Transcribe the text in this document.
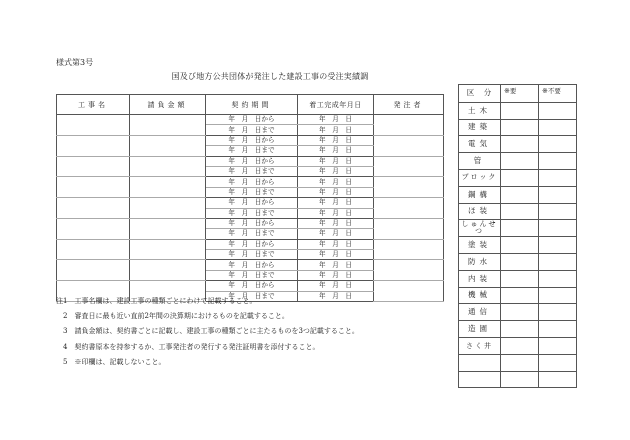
様式第3号
国及び地方公共団体が発注した建設工事の受注実績調
工事名	請負金額	契約期間	着工完成年月日	発注者
		年　月　日から	年　月　日	
		年　月　日まで	年　月　日	
		年　月　日から	年　月　日	
		年　月　日まで	年　月　日	
		年　月　日から	年　月　日	
		年　月　日まで	年　月　日	
		年　月　日から	年　月　日	
		年　月　日まで	年　月　日	
		年　月　日から	年　月　日	
		年　月　日まで	年　月　日	
		年　月　日から	年　月　日	
		年　月　日まで	年　月　日	
		年　月　日から	年　月　日	
		年　月　日まで	年　月　日	
		年　月　日から	年　月　日	
		年　月　日まで	年　月　日	
		年　月　日から	年　月　日	
		年　月　日まで	年　月　日	
区　分	※要	※不要
土木		
建築		
電気		
管		
ブロック		
鋼構		
ほ装		
しゅんせつ		
塗装		
防水		
内装		
機械		
通信		
造園		
さく井		

注1　工事名欄は、建設工事の種類ごとにわけて記載すること。
　2　審査日に最も近い直前2年間の決算期におけるものを記載すること。
　3　請負金額は、契約書ごとに記載し、建設工事の種類ごとに主たるものを3つ記載すること。
　4　契約書原本を持参するか、工事発注者の発行する発注証明書を添付すること。
　5　※印欄は、記載しないこと。
